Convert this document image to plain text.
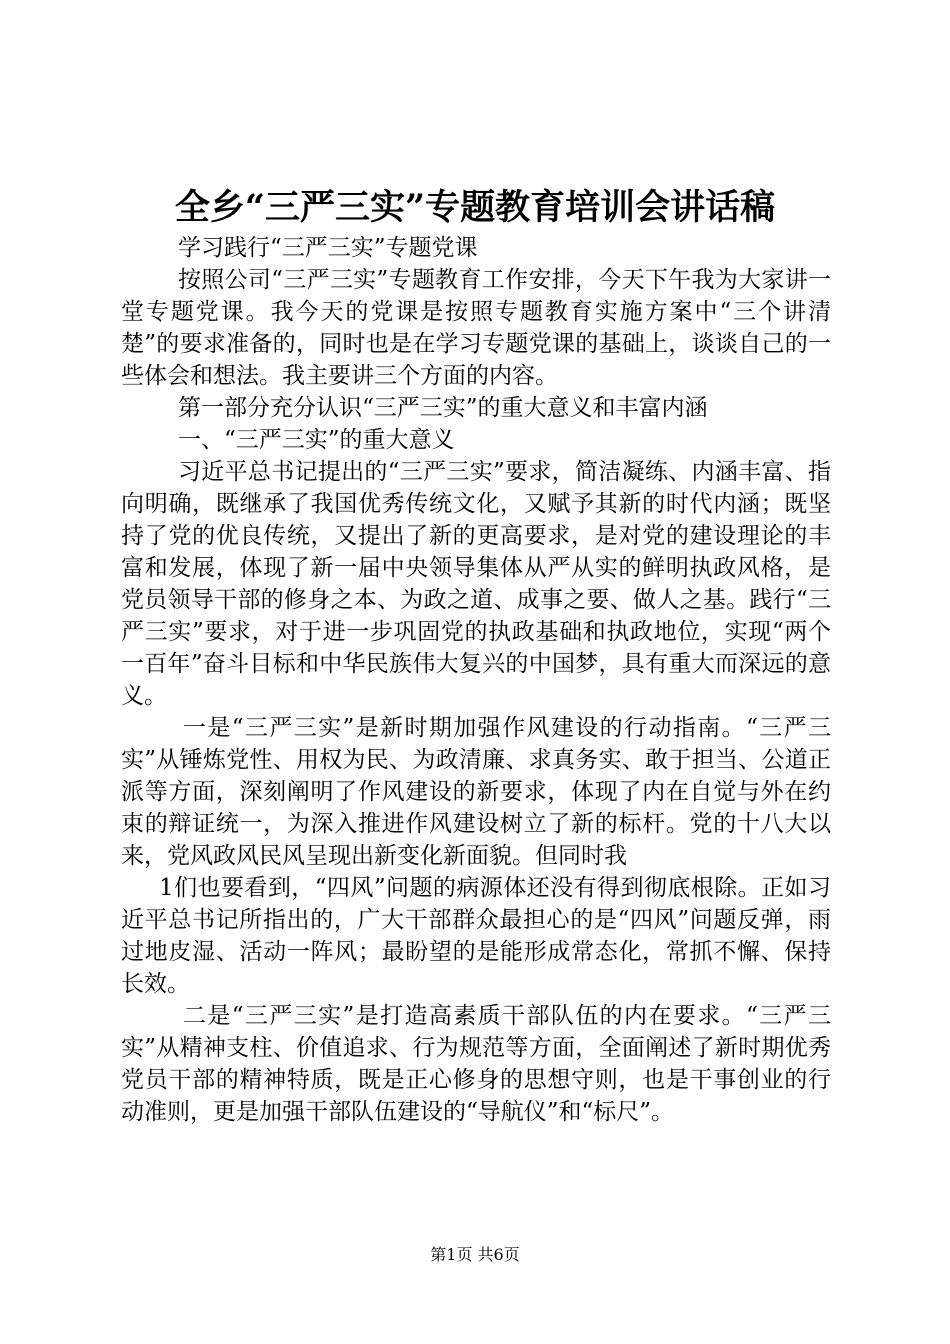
全乡“三严三实”专题教育培训会讲话稿

学习践行“三严三实”专题党课

按照公司“三严三实”专题教育工作安排，今天下午我为大家讲一堂专题党课。我今天的党课是按照专题教育实施方案中“三个讲清楚”的要求准备的，同时也是在学习专题党课的基础上，谈谈自己的一些体会和想法。我主要讲三个方面的内容。

第一部分充分认识“三严三实”的重大意义和丰富内涵

一、“三严三实”的重大意义

习近平总书记提出的“三严三实”要求，简洁凝练、内涵丰富、指向明确，既继承了我国优秀传统文化，又赋予其新的时代内涵；既坚持了党的优良传统，又提出了新的更高要求，是对党的建设理论的丰富和发展，体现了新一届中央领导集体从严从实的鲜明执政风格，是党员领导干部的修身之本、为政之道、成事之要、做人之基。践行“三严三实”要求，对于进一步巩固党的执政基础和执政地位，实现“两个一百年”奋斗目标和中华民族伟大复兴的中国梦，具有重大而深远的意义。

一是“三严三实”是新时期加强作风建设的行动指南。“三严三实”从锤炼党性、用权为民、为政清廉、求真务实、敢于担当、公道正派等方面，深刻阐明了作风建设的新要求，体现了内在自觉与外在约束的辩证统一，为深入推进作风建设树立了新的标杆。党的十八大以来，党风政风民风呈现出新变化新面貌。但同时我

1们也要看到，“四风”问题的病源体还没有得到彻底根除。正如习近平总书记所指出的，广大干部群众最担心的是“四风”问题反弹，雨过地皮湿、活动一阵风；最盼望的是能形成常态化，常抓不懈、保持长效。

二是“三严三实”是打造高素质干部队伍的内在要求。“三严三实”从精神支柱、价值追求、行为规范等方面，全面阐述了新时期优秀党员干部的精神特质，既是正心修身的思想守则，也是干事创业的行动准则，更是加强干部队伍建设的“导航仪”和“标尺”。

第1页 共6页
